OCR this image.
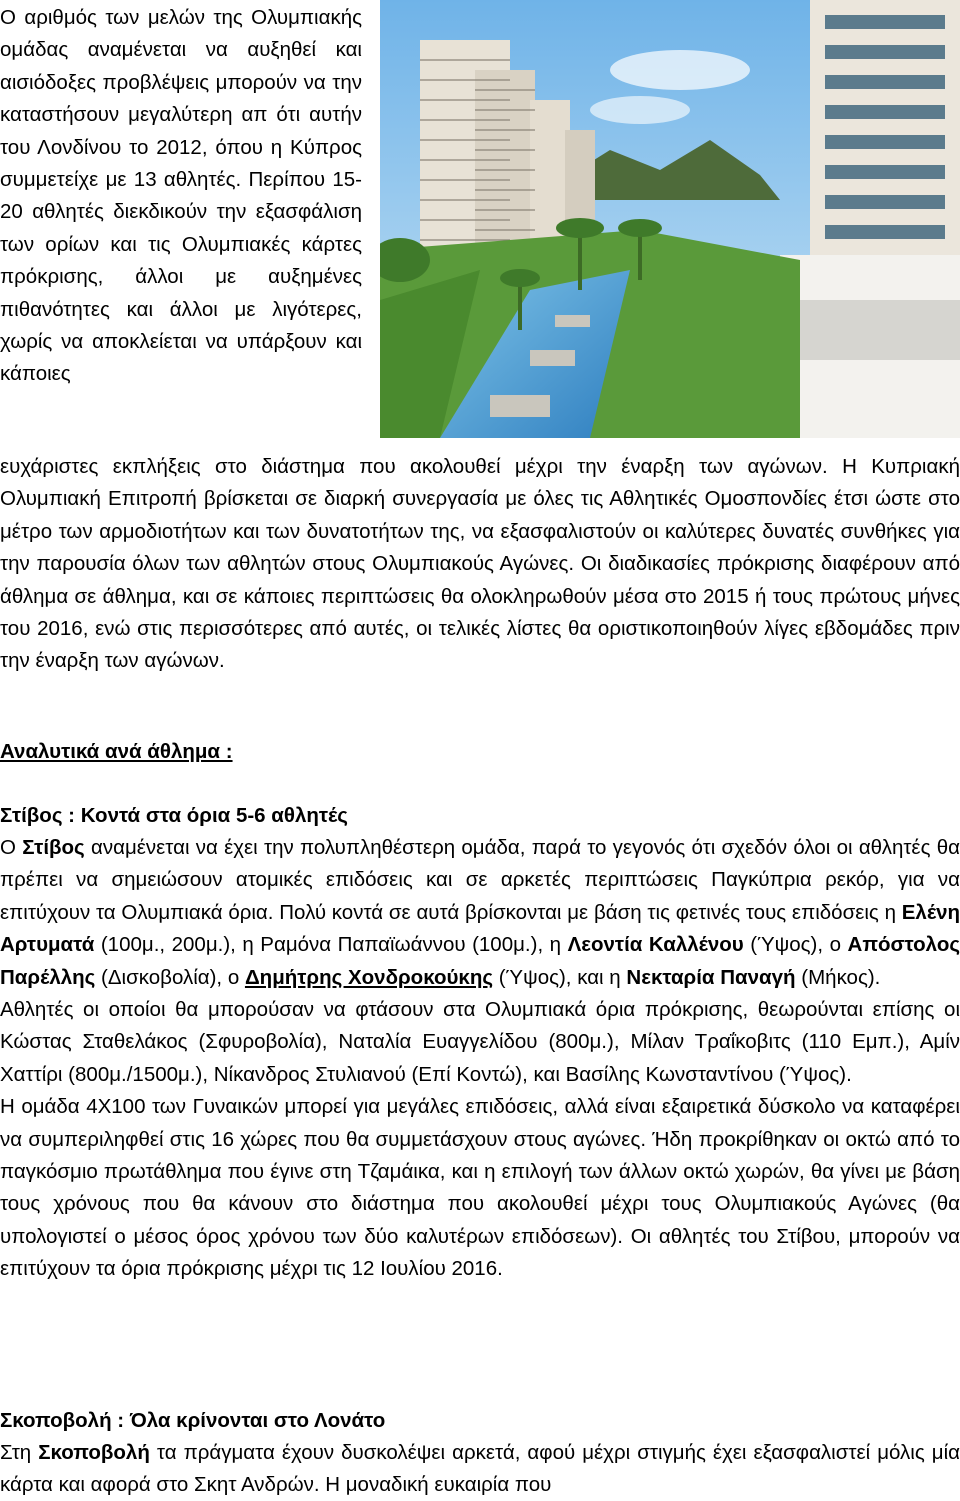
Ο αριθμός των μελών της Ολυμπιακής ομάδας αναμένεται να αυξηθεί και αισιόδοξες προβλέψεις μπορούν να την καταστήσουν μεγαλύτερη απ ότι αυτήν του Λονδίνου το 2012, όπου η Κύπρος συμμετείχε με 13 αθλητές. Περίπου 15-20 αθλητές διεκδικούν την εξασφάλιση των ορίων και τις Ολυμπιακές κάρτες πρόκρισης, άλλοι με αυξημένες πιθανότητες και άλλοι με λιγότερες, χωρίς να αποκλείεται να υπάρξουν και κάποιες
ευχάριστες εκπλήξεις στο διάστημα που ακολουθεί μέχρι την έναρξη των αγώνων. Η Κυπριακή Ολυμπιακή Επιτροπή βρίσκεται σε διαρκή συνεργασία με όλες τις Αθλητικές Ομοσπονδίες έτσι ώστε στο μέτρο των αρμοδιοτήτων και των δυνατοτήτων της, να εξασφαλιστούν οι καλύτερες δυνατές συνθήκες για την παρουσία όλων των αθλητών στους Ολυμπιακούς Αγώνες. Οι διαδικασίες πρόκρισης διαφέρουν από άθλημα σε άθλημα, και σε κάποιες περιπτώσεις θα ολοκληρωθούν μέσα στο 2015 ή τους πρώτους μήνες του 2016, ενώ στις περισσότερες από αυτές, οι τελικές λίστες θα οριστικοποιηθούν λίγες εβδομάδες πριν την έναρξη των αγώνων.
Αναλυτικά ανά άθλημα :
Στίβος : Κοντά στα όρια 5-6 αθλητές

Ο Στίβος αναμένεται να έχει την πολυπληθέστερη ομάδα, παρά το γεγονός ότι σχεδόν όλοι οι αθλητές θα πρέπει να σημειώσουν ατομικές επιδόσεις και σε αρκετές περιπτώσεις Παγκύπρια ρεκόρ, για να επιτύχουν τα Ολυμπιακά όρια. Πολύ κοντά σε αυτά βρίσκονται με βάση τις φετινές τους επιδόσεις η Ελένη Αρτυματά (100μ., 200μ.), η Ραμόνα Παπαϊωάννου (100μ.), η Λεοντία Καλλένου (Ύψος), ο Απόστολος Παρέλλης (Δισκοβολία), ο Δημήτρης Χονδροκούκης (Ύψος), και η Νεκταρία Παναγή (Μήκος).

Αθλητές οι οποίοι θα μπορούσαν να φτάσουν στα Ολυμπιακά όρια πρόκρισης, θεωρούνται επίσης οι Κώστας Σταθελάκος (Σφυροβολία), Ναταλία Ευαγγελίδου (800μ.), Μίλαν Τραΐκοβιτς (110 Εμπ.), Αμίν Χαττίρι (800μ./1500μ.), Νίκανδρος Στυλιανού (Επί Κοντώ), και Βασίλης Κωνσταντίνου (Ύψος).

Η ομάδα 4Χ100 των Γυναικών μπορεί για μεγάλες επιδόσεις, αλλά είναι εξαιρετικά δύσκολο να καταφέρει να συμπεριληφθεί στις 16 χώρες που θα συμμετάσχουν στους αγώνες. Ήδη προκρίθηκαν οι οκτώ από το παγκόσμιο πρωτάθλημα που έγινε στη Τζαμάικα, και η επιλογή των άλλων οκτώ χωρών, θα γίνει με βάση τους χρόνους που θα κάνουν στο διάστημα που ακολουθεί μέχρι τους Ολυμπιακούς Αγώνες (θα υπολογιστεί ο μέσος όρος χρόνου των δύο καλυτέρων επιδόσεων). Οι αθλητές του Στίβου, μπορούν να επιτύχουν τα όρια πρόκρισης μέχρι τις 12 Ιουλίου 2016.

Σκοποβολή : Όλα κρίνονται στο Λονάτο

Στη Σκοποβολή τα πράγματα έχουν δυσκολέψει αρκετά, αφού μέχρι στιγμής έχει εξασφαλιστεί μόλις μία κάρτα και αφορά στο Σκητ Ανδρών. Η μοναδική ευκαιρία που
